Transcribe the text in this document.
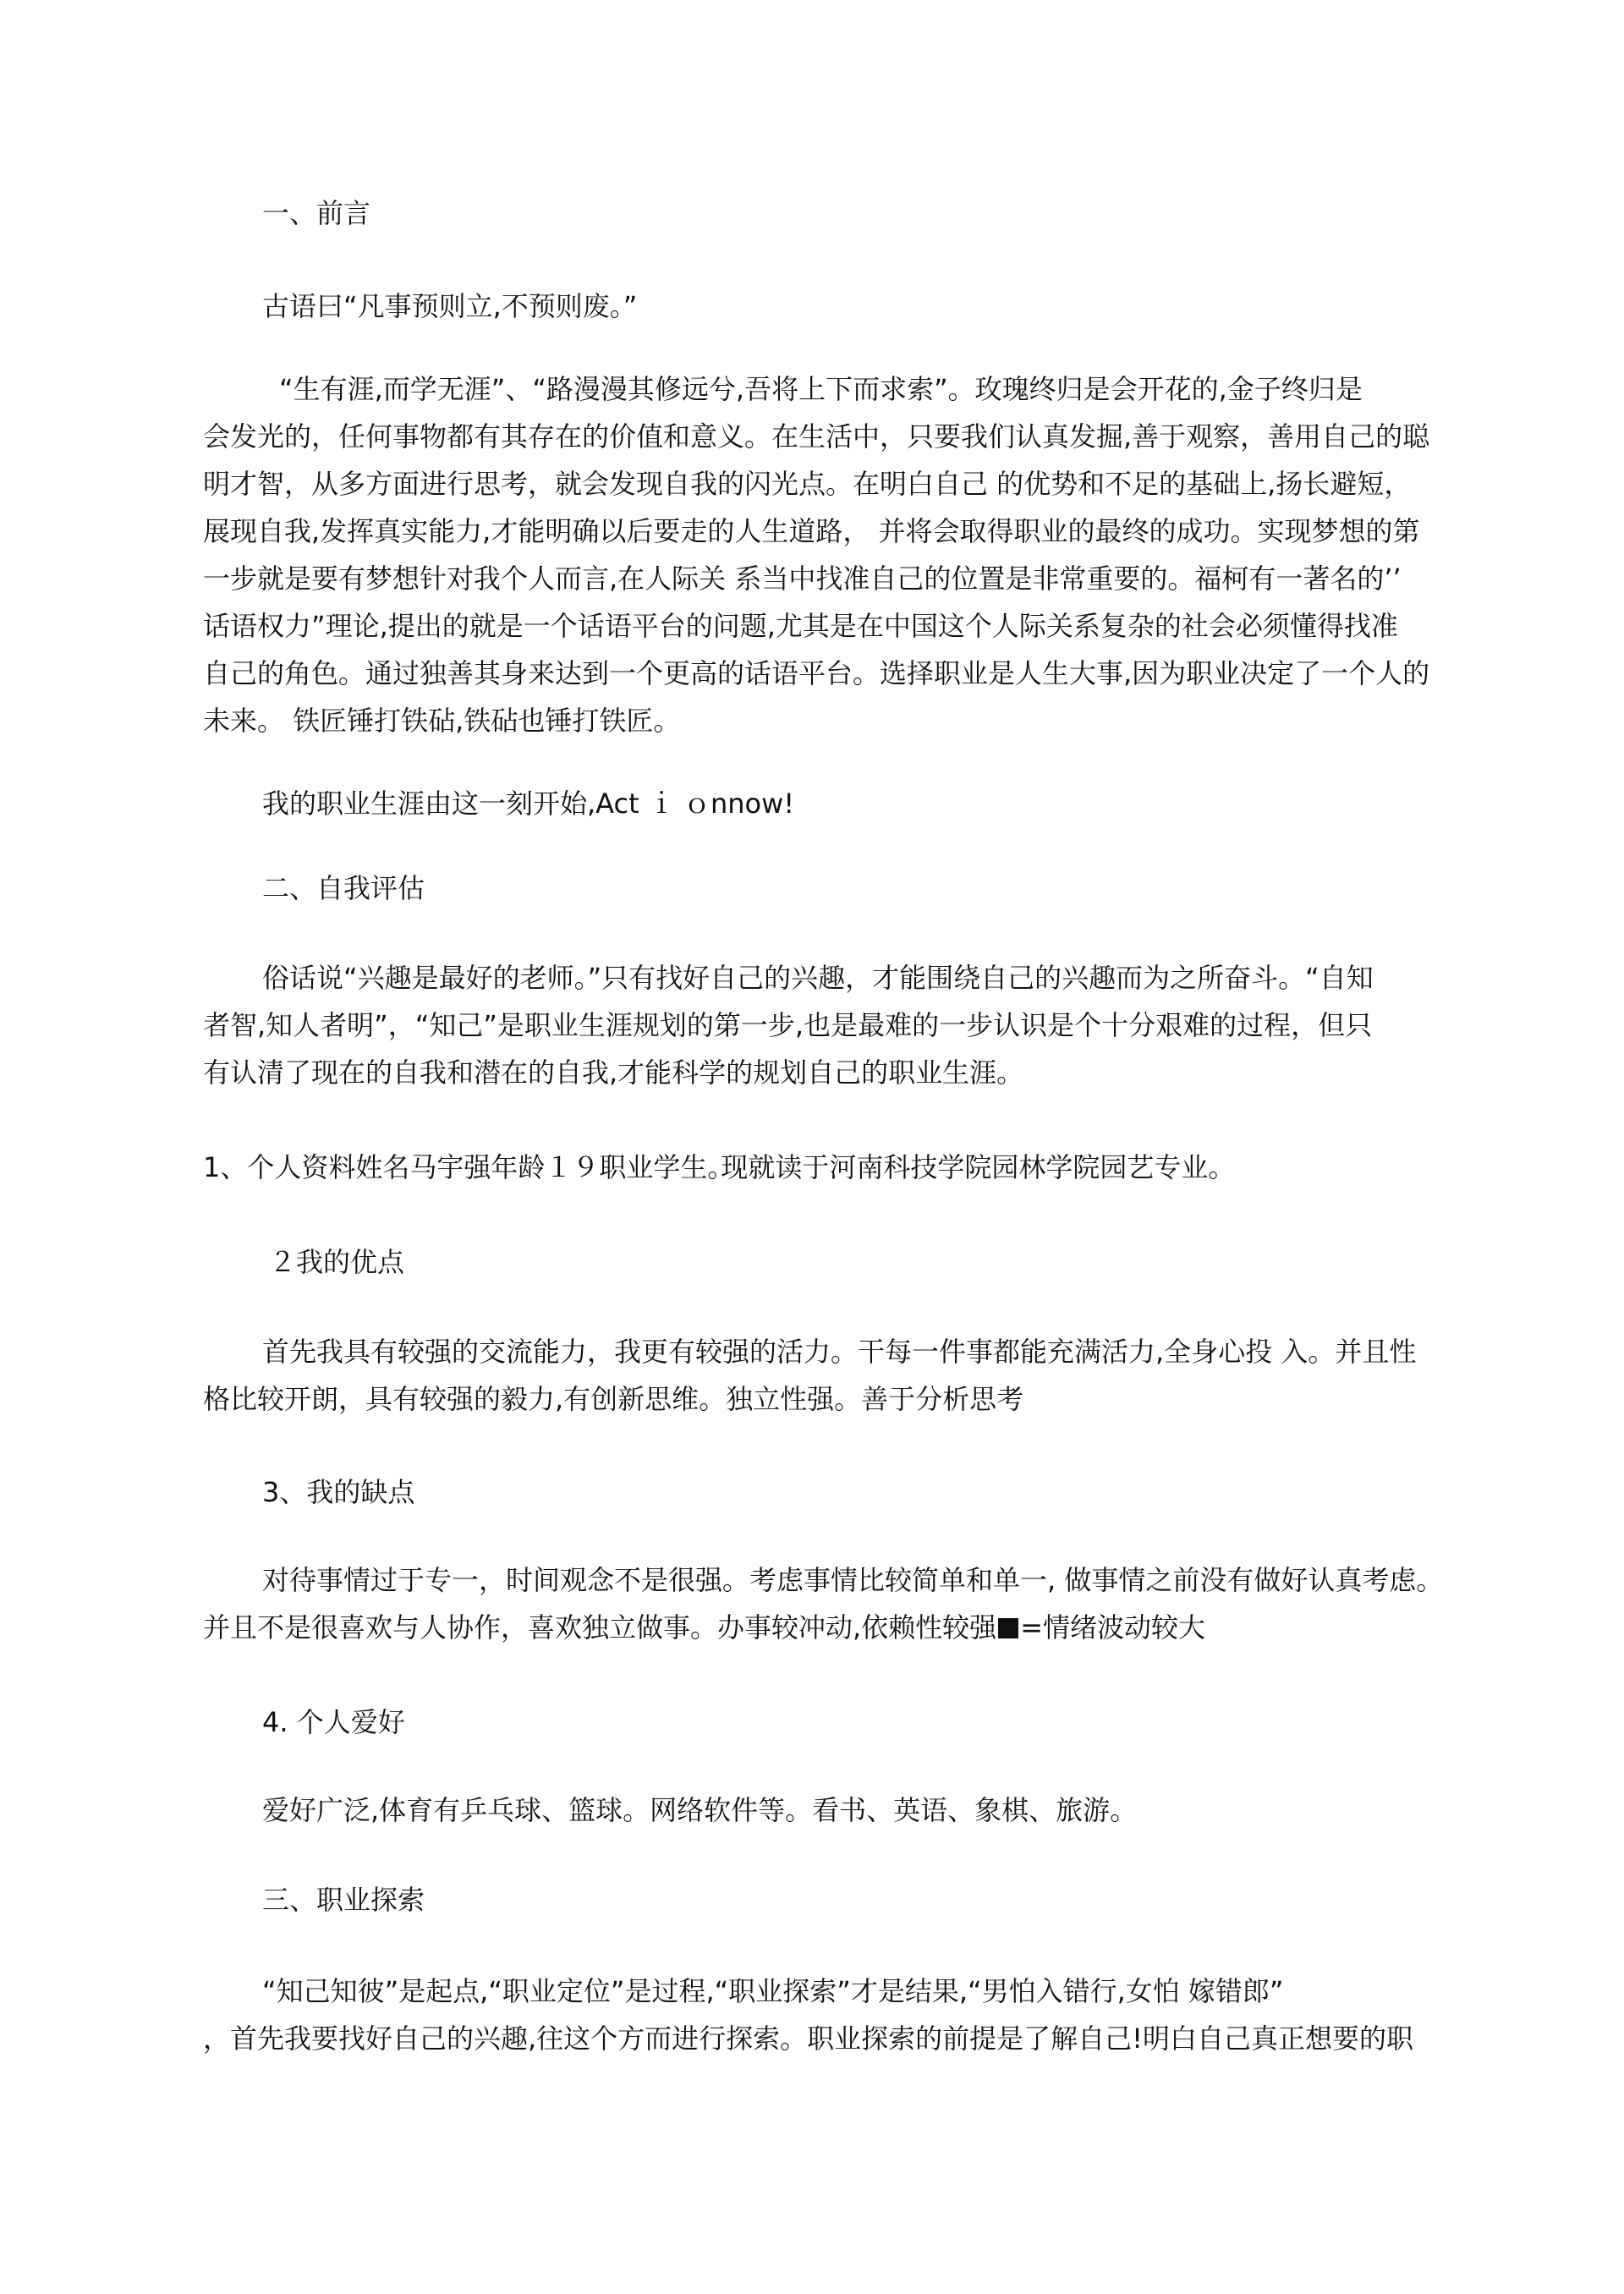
一、前言
古语曰“凡事预则立,不预则废。”
“生有涯,而学无涯”、“路漫漫其修远兮,吾将上下而求索”。玫瑰终归是会开花的,金子终归是
会发光的，任何事物都有其存在的价值和意义。在生活中，只要我们认真发掘,善于观察，善用自己的聪
明才智，从多方面进行思考，就会发现自我的闪光点。在明白自己 的优势和不足的基础上,扬长避短，
展现自我,发挥真实能力,才能明确以后要走的人生道路， 并将会取得职业的最终的成功。实现梦想的第
一步就是要有梦想针对我个人而言,在人际关 系当中找准自己的位置是非常重要的。福柯有一著名的’’
话语权力”理论,提出的就是一个话语平台的问题,尤其是在中国这个人际关系复杂的社会必须懂得找准
自己的角色。通过独善其身来达到一个更高的话语平台。选择职业是人生大事,因为职业决定了一个人的
未来。 铁匠锤打铁砧,铁砧也锤打铁匠。
我的职业生涯由这一刻开始,Act ｉ ｏnnow!
二、自我评估
俗话说“兴趣是最好的老师。”只有找好自己的兴趣，才能围绕自己的兴趣而为之所奋斗。“自知
者智,知人者明”，“知己”是职业生涯规划的第一步,也是最难的一步认识是个十分艰难的过程，但只
有认清了现在的自我和潜在的自我,才能科学的规划自己的职业生涯。
1、个人资料姓名马宇强年龄１９职业学生｡现就读于河南科技学院园林学院园艺专业。
２我的优点
首先我具有较强的交流能力，我更有较强的活力。干每一件事都能充满活力,全身心投 入。并且性
格比较开朗，具有较强的毅力,有创新思维。独立性强。善于分析思考
3、我的缺点
对待事情过于专一，时间观念不是很强。考虑事情比较简单和单一, 做事情之前没有做好认真考虑。
并且不是很喜欢与人协作，喜欢独立做事。办事较冲动,依赖性较强 =情绪波动较大
4. 个人爱好
爱好广泛,体育有乒乓球、篮球。网络软件等。看书、英语、象棋、旅游。
三、职业探索
“知己知彼”是起点,“职业定位”是过程,“职业探索”才是结果,“男怕入错行,女怕 嫁错郎”
，首先我要找好自己的兴趣,往这个方而进行探索。职业探索的前提是了解自己!明白自己真正想要的职
